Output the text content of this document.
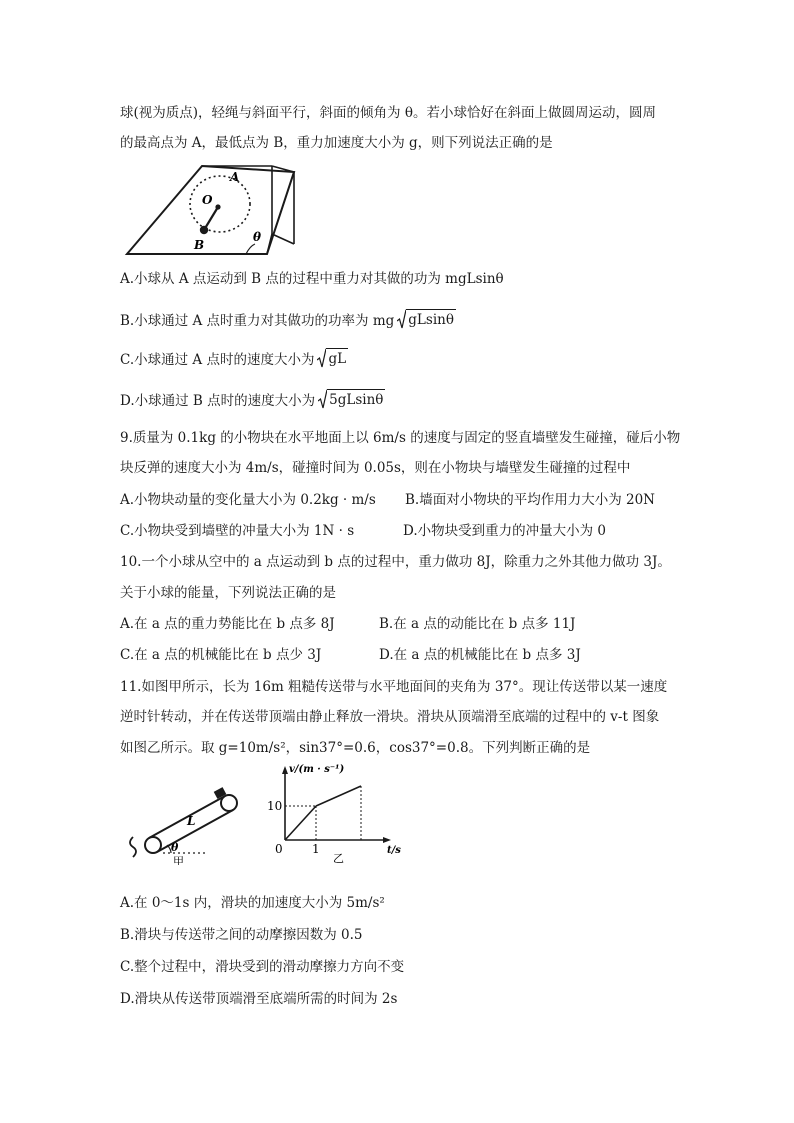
球(视为质点)，轻绳与斜面平行，斜面的倾角为 θ。若小球恰好在斜面上做圆周运动，圆周
的最高点为 A，最低点为 B，重力加速度大小为 g，则下列说法正确的是
A
O
B
θ
A.小球从 A 点运动到 B 点的过程中重力对其做的功为 mgLsinθ
B.小球通过 A 点时重力对其做功的功率为 mg gLsinθ
C.小球通过 A 点时的速度大小为 gL
D.小球通过 B 点时的速度大小为 5gLsinθ
9.质量为 0.1kg 的小物块在水平地面上以 6m/s 的速度与固定的竖直墙壁发生碰撞，碰后小物
块反弹的速度大小为 4m/s，碰撞时间为 0.05s，则在小物块与墙壁发生碰撞的过程中
A.小物块动量的变化量大小为 0.2kg · m/s B.墙面对小物块的平均作用力大小为 20N
C.小物块受到墙壁的冲量大小为 1N · s	D.小物块受到重力的冲量大小为 0
10.一个小球从空中的 a 点运动到 b 点的过程中，重力做功 8J，除重力之外其他力做功 3J。
关于小球的能量，下列说法正确的是
A.在 a 点的重力势能比在 b 点多 8J	B.在 a 点的动能比在 b 点多 11J
C.在 a 点的机械能比在 b 点少 3J	D.在 a 点的机械能比在 b 点多 3J
11.如图甲所示，长为 16m 粗糙传送带与水平地面间的夹角为 37°。现让传送带以某一速度
逆时针转动，并在传送带顶端由静止释放一滑块。滑块从顶端滑至底端的过程中的 v-t 图象
如图乙所示。取 g=10m/s²，sin37°=0.6，cos37°=0.8。下列判断正确的是
L
θ
甲
v/(m · s⁻¹)
10
0 1	t/s
乙
A.在 0～1s 内，滑块的加速度大小为 5m/s²
B.滑块与传送带之间的动摩擦因数为 0.5
C.整个过程中，滑块受到的滑动摩擦力方向不变
D.滑块从传送带顶端滑至底端所需的时间为 2s
